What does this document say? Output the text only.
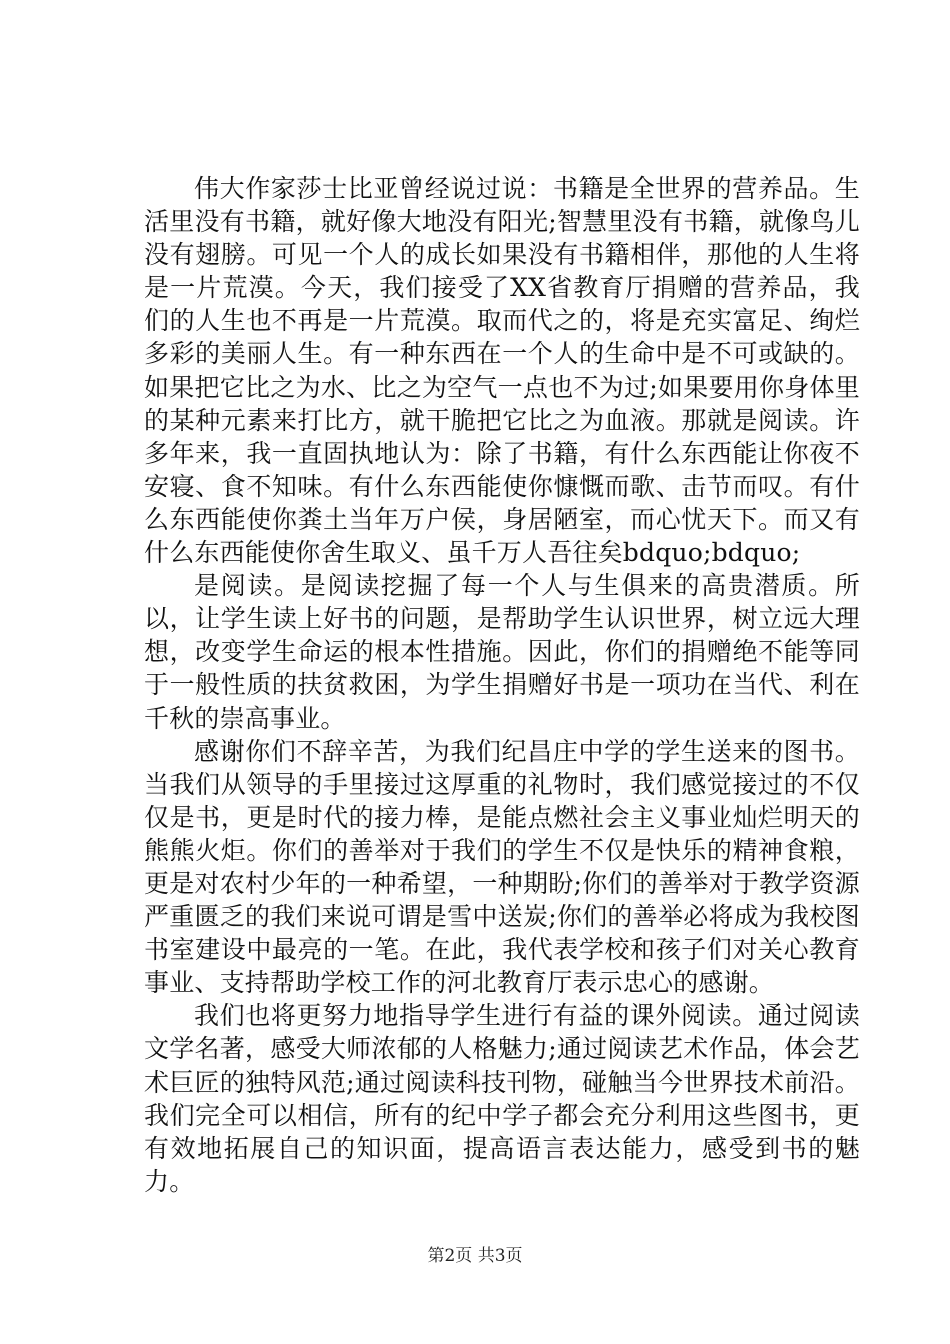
伟大作家莎士比亚曾经说过说：书籍是全世界的营养品。生活里没有书籍，就好像大地没有阳光;智慧里没有书籍，就像鸟儿没有翅膀。可见一个人的成长如果没有书籍相伴，那他的人生将是一片荒漠。今天，我们接受了XX省教育厅捐赠的营养品，我们的人生也不再是一片荒漠。取而代之的，将是充实富足、绚烂多彩的美丽人生。有一种东西在一个人的生命中是不可或缺的。如果把它比之为水、比之为空气一点也不为过;如果要用你身体里的某种元素来打比方，就干脆把它比之为血液。那就是阅读。许多年来，我一直固执地认为：除了书籍，有什么东西能让你夜不安寝、食不知味。有什么东西能使你慷慨而歌、击节而叹。有什么东西能使你粪土当年万户侯，身居陋室，而心忧天下。而又有什么东西能使你舍生取义、虽千万人吾往矣bdquo;bdquo;

是阅读。是阅读挖掘了每一个人与生俱来的高贵潜质。所以，让学生读上好书的问题，是帮助学生认识世界，树立远大理想，改变学生命运的根本性措施。因此，你们的捐赠绝不能等同于一般性质的扶贫救困，为学生捐赠好书是一项功在当代、利在千秋的崇高事业。

感谢你们不辞辛苦，为我们纪昌庄中学的学生送来的图书。当我们从领导的手里接过这厚重的礼物时，我们感觉接过的不仅仅是书，更是时代的接力棒，是能点燃社会主义事业灿烂明天的熊熊火炬。你们的善举对于我们的学生不仅是快乐的精神食粮，更是对农村少年的一种希望，一种期盼;你们的善举对于教学资源严重匮乏的我们来说可谓是雪中送炭;你们的善举必将成为我校图书室建设中最亮的一笔。在此，我代表学校和孩子们对关心教育事业、支持帮助学校工作的河北教育厅表示忠心的感谢。

我们也将更努力地指导学生进行有益的课外阅读。通过阅读文学名著，感受大师浓郁的人格魅力;通过阅读艺术作品，体会艺术巨匠的独特风范;通过阅读科技刊物，碰触当今世界技术前沿。我们完全可以相信，所有的纪中学子都会充分利用这些图书，更有效地拓展自己的知识面，提高语言表达能力，感受到书的魅力。

第2页 共3页
